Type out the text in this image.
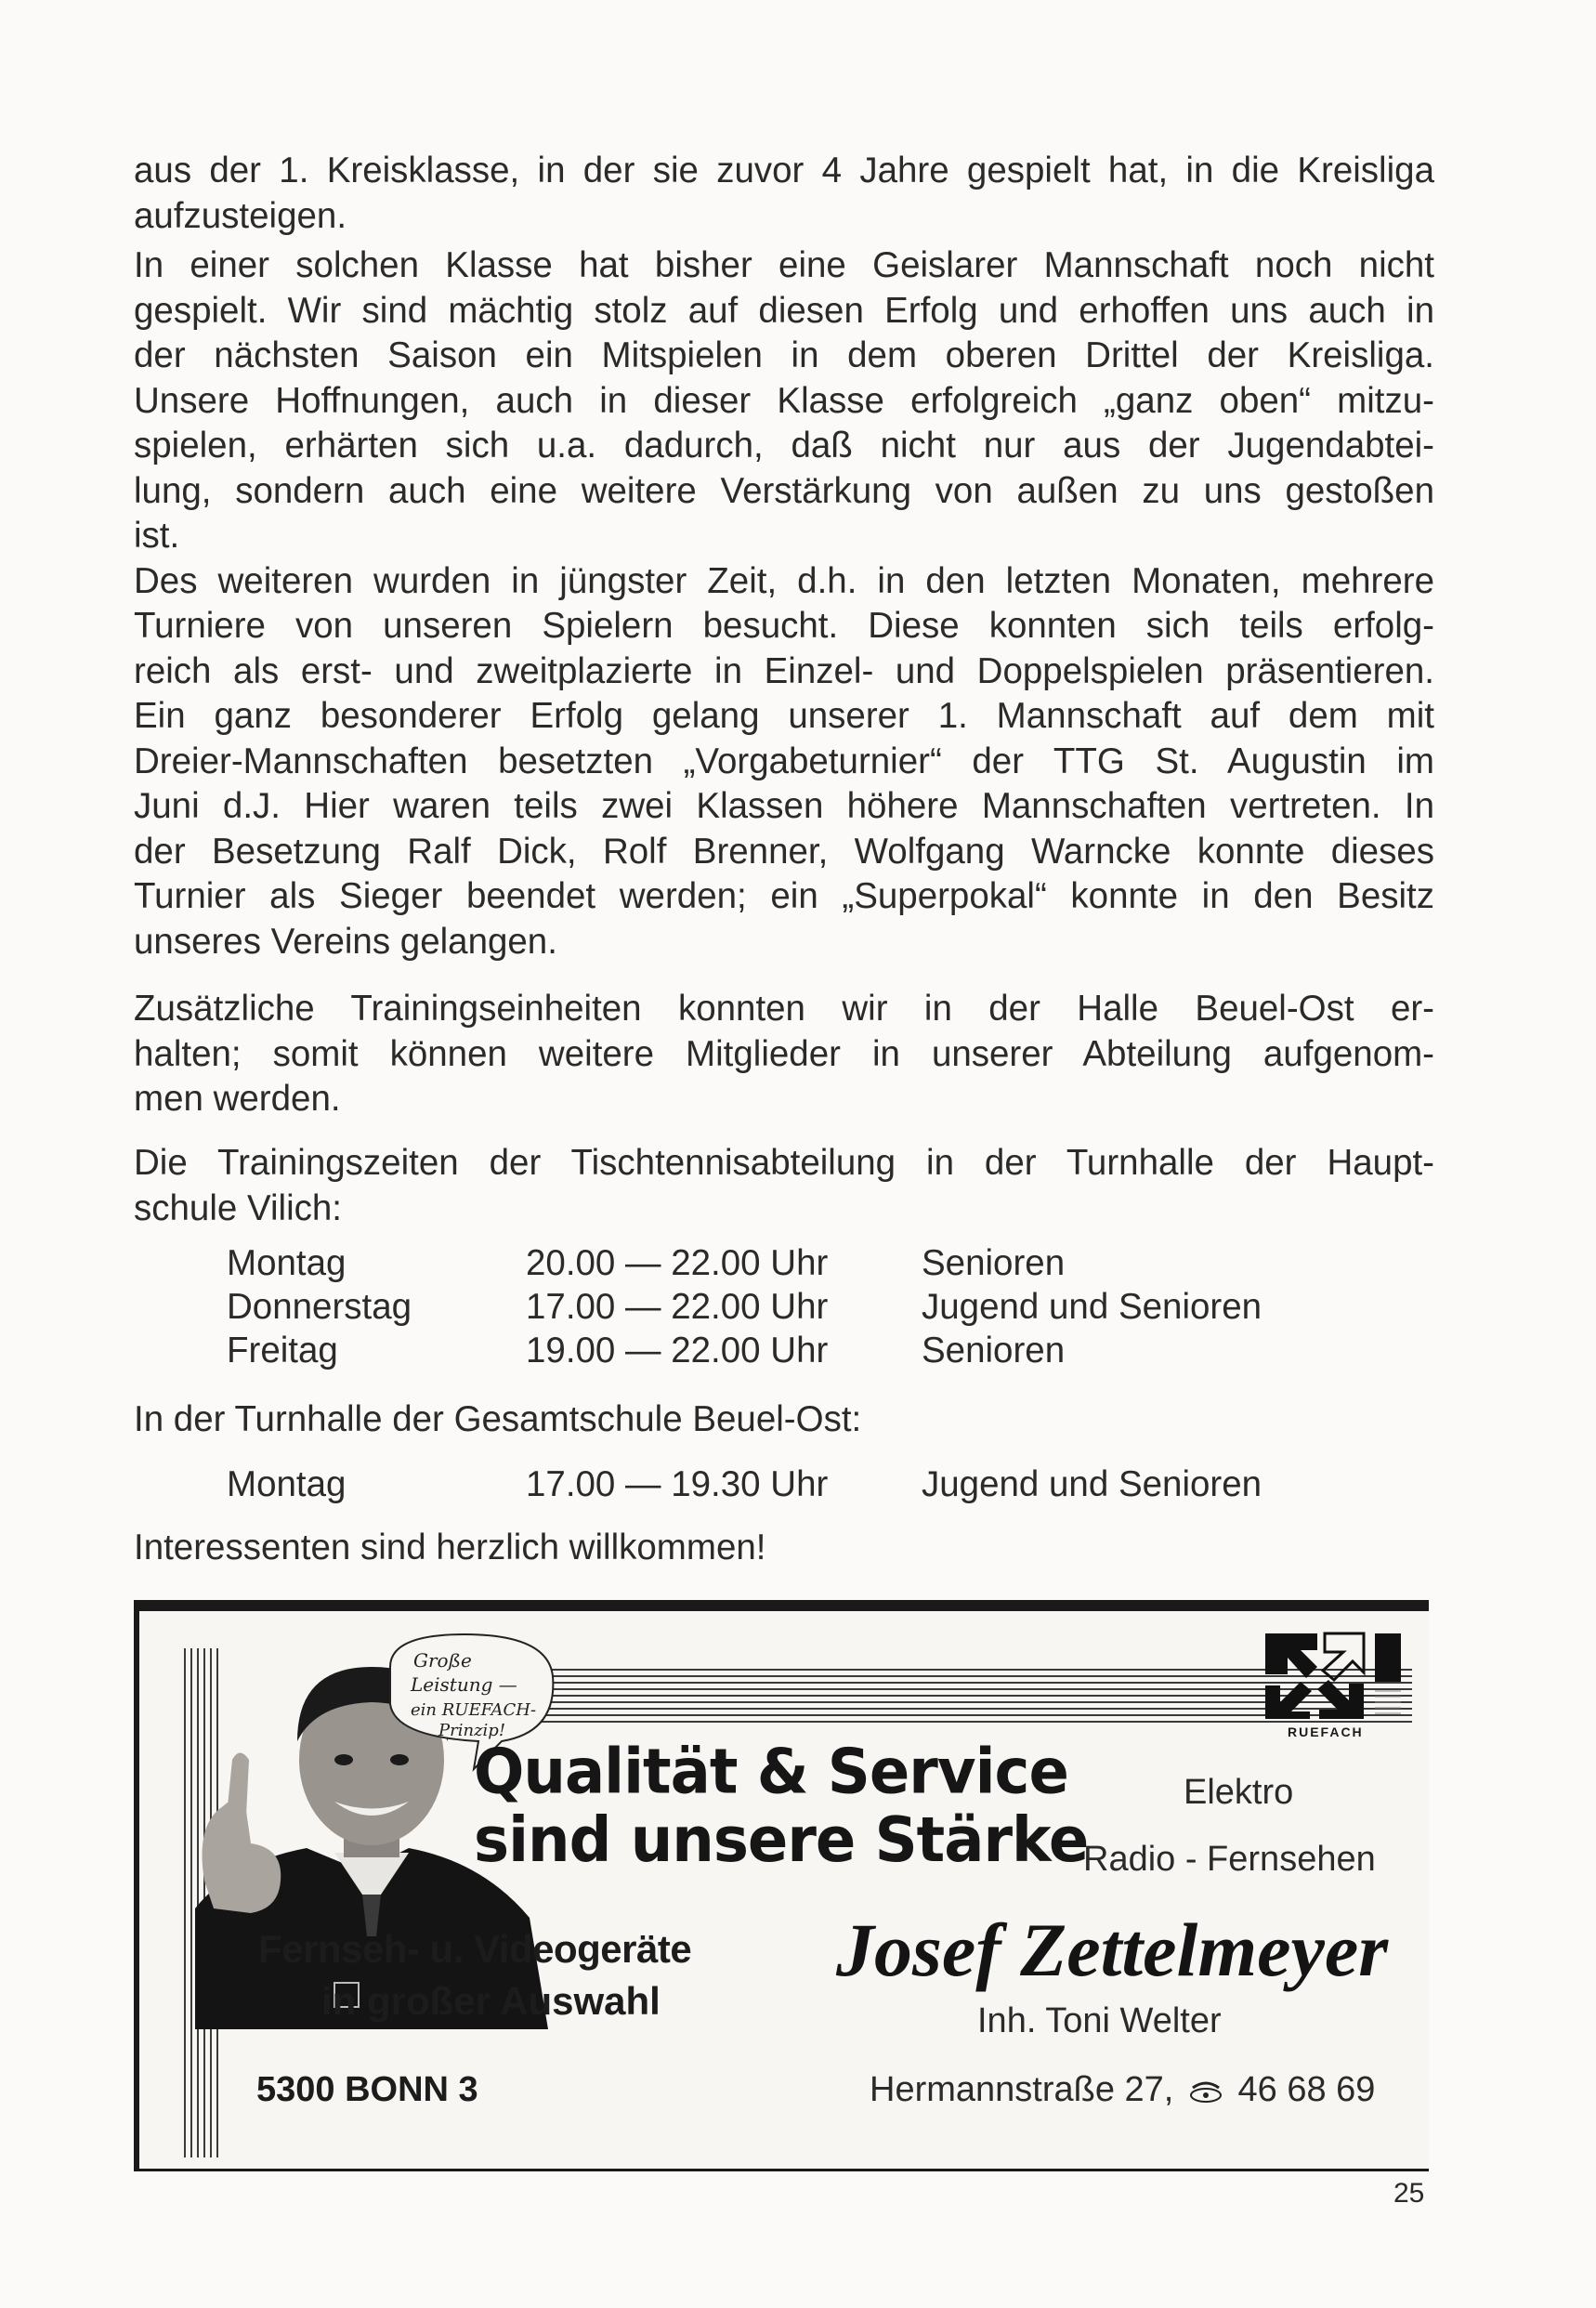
aus der 1. Kreisklasse, in der sie zuvor 4 Jahre gespielt hat, in die Kreisliga
aufzusteigen.
In einer solchen Klasse hat bisher eine Geislarer Mannschaft noch nicht
gespielt. Wir sind mächtig stolz auf diesen Erfolg und erhoffen uns auch in
der nächsten Saison ein Mitspielen in dem oberen Drittel der Kreisliga.
Unsere Hoffnungen, auch in dieser Klasse erfolgreich „ganz oben“ mitzu-
spielen, erhärten sich u.a. dadurch, daß nicht nur aus der Jugendabtei-
lung, sondern auch eine weitere Verstärkung von außen zu uns gestoßen
ist.
Des weiteren wurden in jüngster Zeit, d.h. in den letzten Monaten, mehrere
Turniere von unseren Spielern besucht. Diese konnten sich teils erfolg-
reich als erst- und zweitplazierte in Einzel- und Doppelspielen präsentieren.
Ein ganz besonderer Erfolg gelang unserer 1. Mannschaft auf dem mit
Dreier-Mannschaften besetzten „Vorgabeturnier“ der TTG St. Augustin im
Juni d.J. Hier waren teils zwei Klassen höhere Mannschaften vertreten. In
der Besetzung Ralf Dick, Rolf Brenner, Wolfgang Warncke konnte dieses
Turnier als Sieger beendet werden; ein „Superpokal“ konnte in den Besitz
unseres Vereins gelangen.
Zusätzliche Trainingseinheiten konnten wir in der Halle Beuel-Ost er-
halten; somit können weitere Mitglieder in unserer Abteilung aufgenom-
men werden.
Die Trainingszeiten der Tischtennisabteilung in der Turnhalle der Haupt-
schule Vilich:
Montag	20.00 — 22.00 Uhr	Senioren
Donnerstag	17.00 — 22.00 Uhr	Jugend und Senioren
Freitag	19.00 — 22.00 Uhr	Senioren
In der Turnhalle der Gesamtschule Beuel-Ost:
Montag	17.00 — 19.30 Uhr	Jugend und Senioren
Interessenten sind herzlich willkommen!
Große
Leistung —
ein RUEFACH-
Prinzip!
Qualität & Service
sind unsere Stärke
RUEFACH
Elektro
Radio - Fernsehen
Fernseh- u. Videogeräte
in großer Auswahl
5300 BONN 3
Josef Zettelmeyer
Inh. Toni Welter
Hermannstraße 27, 46 68 69
25
